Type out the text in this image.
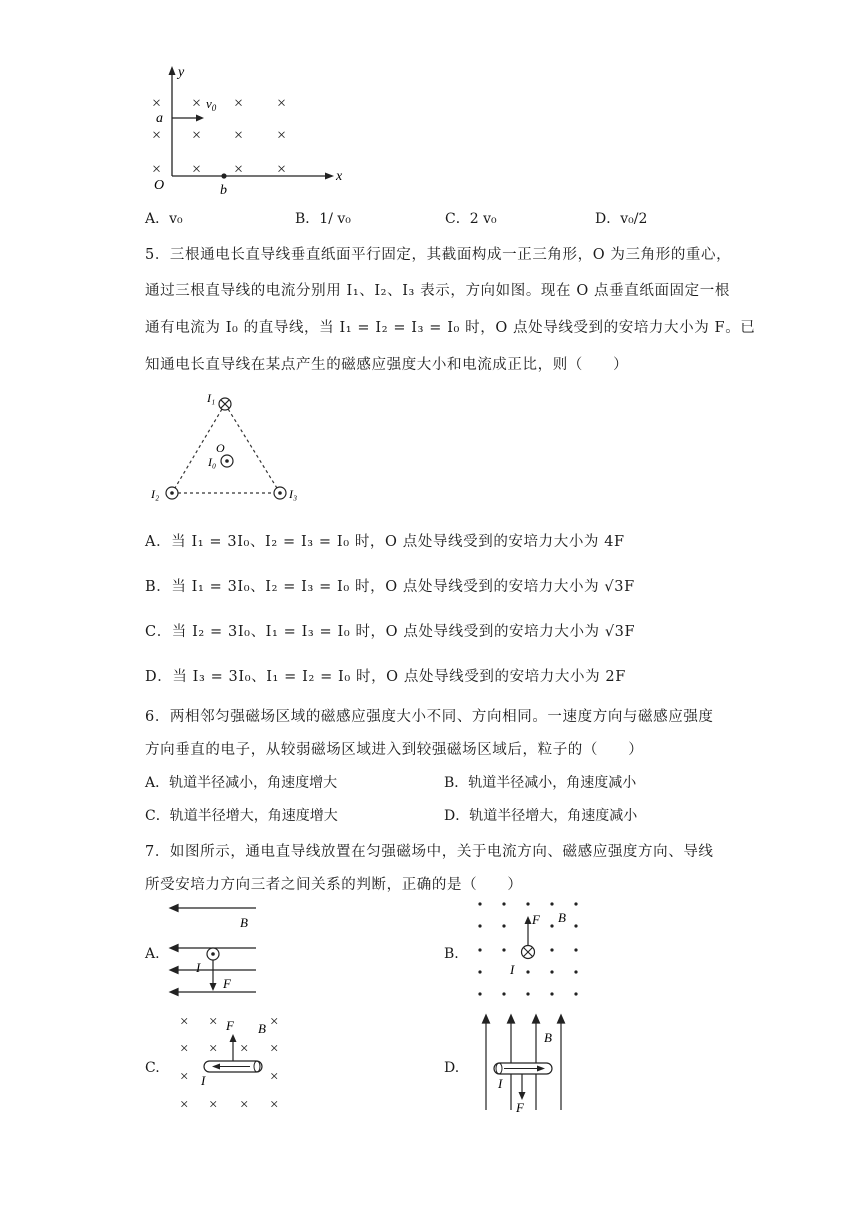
y
x
O
a
$v_0$
b
×
×
×
× × ×
× × ×
× × ×
A．v₀	B．1/ v₀	C．2 v₀	D．v₀/2
5．三根通电长直导线垂直纸面平行固定，其截面构成一正三角形，O 为三角形的重心，
通过三根直导线的电流分别用 I₁、I₂、I₃ 表示，方向如图。现在 O 点垂直纸面固定一根
通有电流为 I₀ 的直导线，当 I₁ = I₂ = I₃ = I₀ 时，O 点处导线受到的安培力大小为 F。已
知通电长直导线在某点产生的磁感应强度大小和电流成正比，则（　　）
I₁
I₂	I₃
O
I₀
A．当 I₁ = 3I₀、I₂ = I₃ = I₀ 时，O 点处导线受到的安培力大小为 4F
B．当 I₁ = 3I₀、I₂ = I₃ = I₀ 时，O 点处导线受到的安培力大小为 √3F
C．当 I₂ = 3I₀、I₁ = I₃ = I₀ 时，O 点处导线受到的安培力大小为 √3F
D．当 I₃ = 3I₀、I₁ = I₂ = I₀ 时，O 点处导线受到的安培力大小为 2F
6．两相邻匀强磁场区域的磁感应强度大小不同、方向相同。一速度方向与磁感应强度
方向垂直的电子，从较弱磁场区域进入到较强磁场区域后，粒子的（　　）
A．轨道半径减小，角速度增大	B．轨道半径减小，角速度减小
C．轨道半径增大，角速度增大	D．轨道半径增大，角速度减小
7．如图所示，通电直导线放置在匀强磁场中，关于电流方向、磁感应强度方向、导线
所受安培力方向三者之间关系的判断，正确的是（　　）
A.
B
I
F
B.
F B
I
C.
× ×	×
× × × ×
×	×
× × × ×
F B
I
D.
B
I
F
